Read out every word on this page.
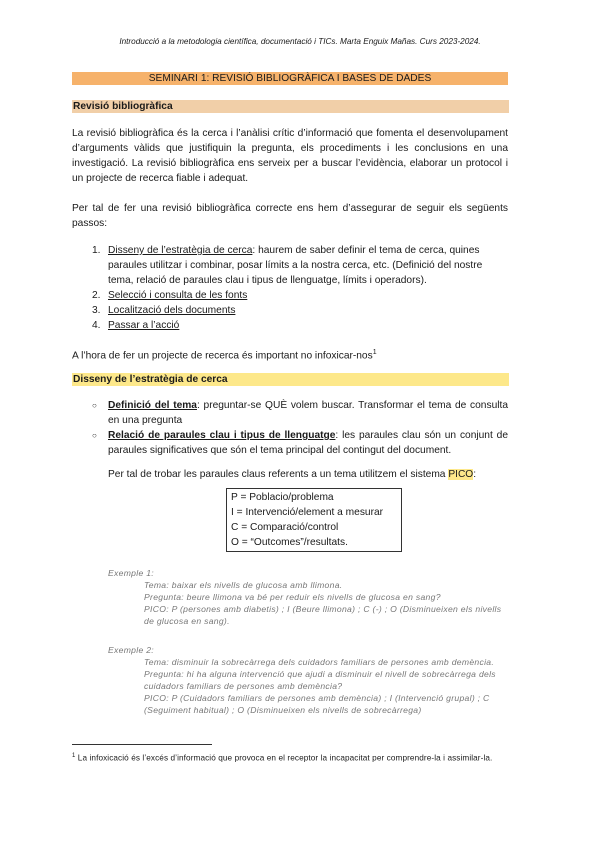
Introducció a la metodologia científica, documentació i TICs. Marta Enguix Mañas. Curs 2023-2024.
SEMINARI 1: REVISIÓ BIBLIOGRÀFICA I BASES DE DADES
Revisió bibliogràfica
La revisió bibliogràfica és la cerca i l’anàlisi crític d’informació que fomenta el desenvolupament d’arguments vàlids que justifiquin la pregunta, els procediments i les conclusions en una investigació. La revisió bibliogràfica ens serveix per a buscar l’evidència, elaborar un protocol i un projecte de recerca fiable i adequat.
Per tal de fer una revisió bibliogràfica correcte ens hem d’assegurar de seguir els següents passos:
1. Disseny de l’estratègia de cerca: haurem de saber definir el tema de cerca, quines paraules utilitzar i combinar, posar límits a la nostra cerca, etc. (Definició del nostre tema, relació de paraules clau i tipus de llenguatge, límits i operadors).
2. Selecció i consulta de les fonts
3. Localització dels documents
4. Passar a l’acció
A l’hora de fer un projecte de recerca és important no infoxicar-nos$^1$
Disseny de l’estratègia de cerca
○ Definició del tema: preguntar-se QUÈ volem buscar. Transformar el tema de consulta en una pregunta
○ Relació de paraules clau i tipus de llenguatge: les paraules clau són un conjunt de paraules significatives que són el tema principal del contingut del document.
Per tal de trobar les paraules claus referents a un tema utilitzem el sistema PICO:
P = Poblacio/problema
I = Intervenció/element a mesurar
C = Comparació/control
O = “Outcomes”/resultats.
Exemple 1:
Tema: baixar els nivells de glucosa amb llimona.
Pregunta: beure llimona va bé per reduir els nivells de glucosa en sang?
PICO: P (persones amb diabetis) ; I (Beure llimona) ; C (-) ; O (Disminueixen els nivells de glucosa en sang).
Exemple 2:
Tema: disminuir la sobrecàrrega dels cuidadors familiars de persones amb demència.
Pregunta: hi ha alguna intervenció que ajudi a disminuir el nivell de sobrecàrrega dels cuidadors familiars de persones amb demència?
PICO: P (Cuidadors familiars de persones amb demència) ; I (Intervenció grupal) ; C (Seguiment habitual) ; O (Disminueixen els nivells de sobrecàrrega)
$^1$ La infoxicació és l’excés d’informació que provoca en el receptor la incapacitat per comprendre-la i assimilar-la.
